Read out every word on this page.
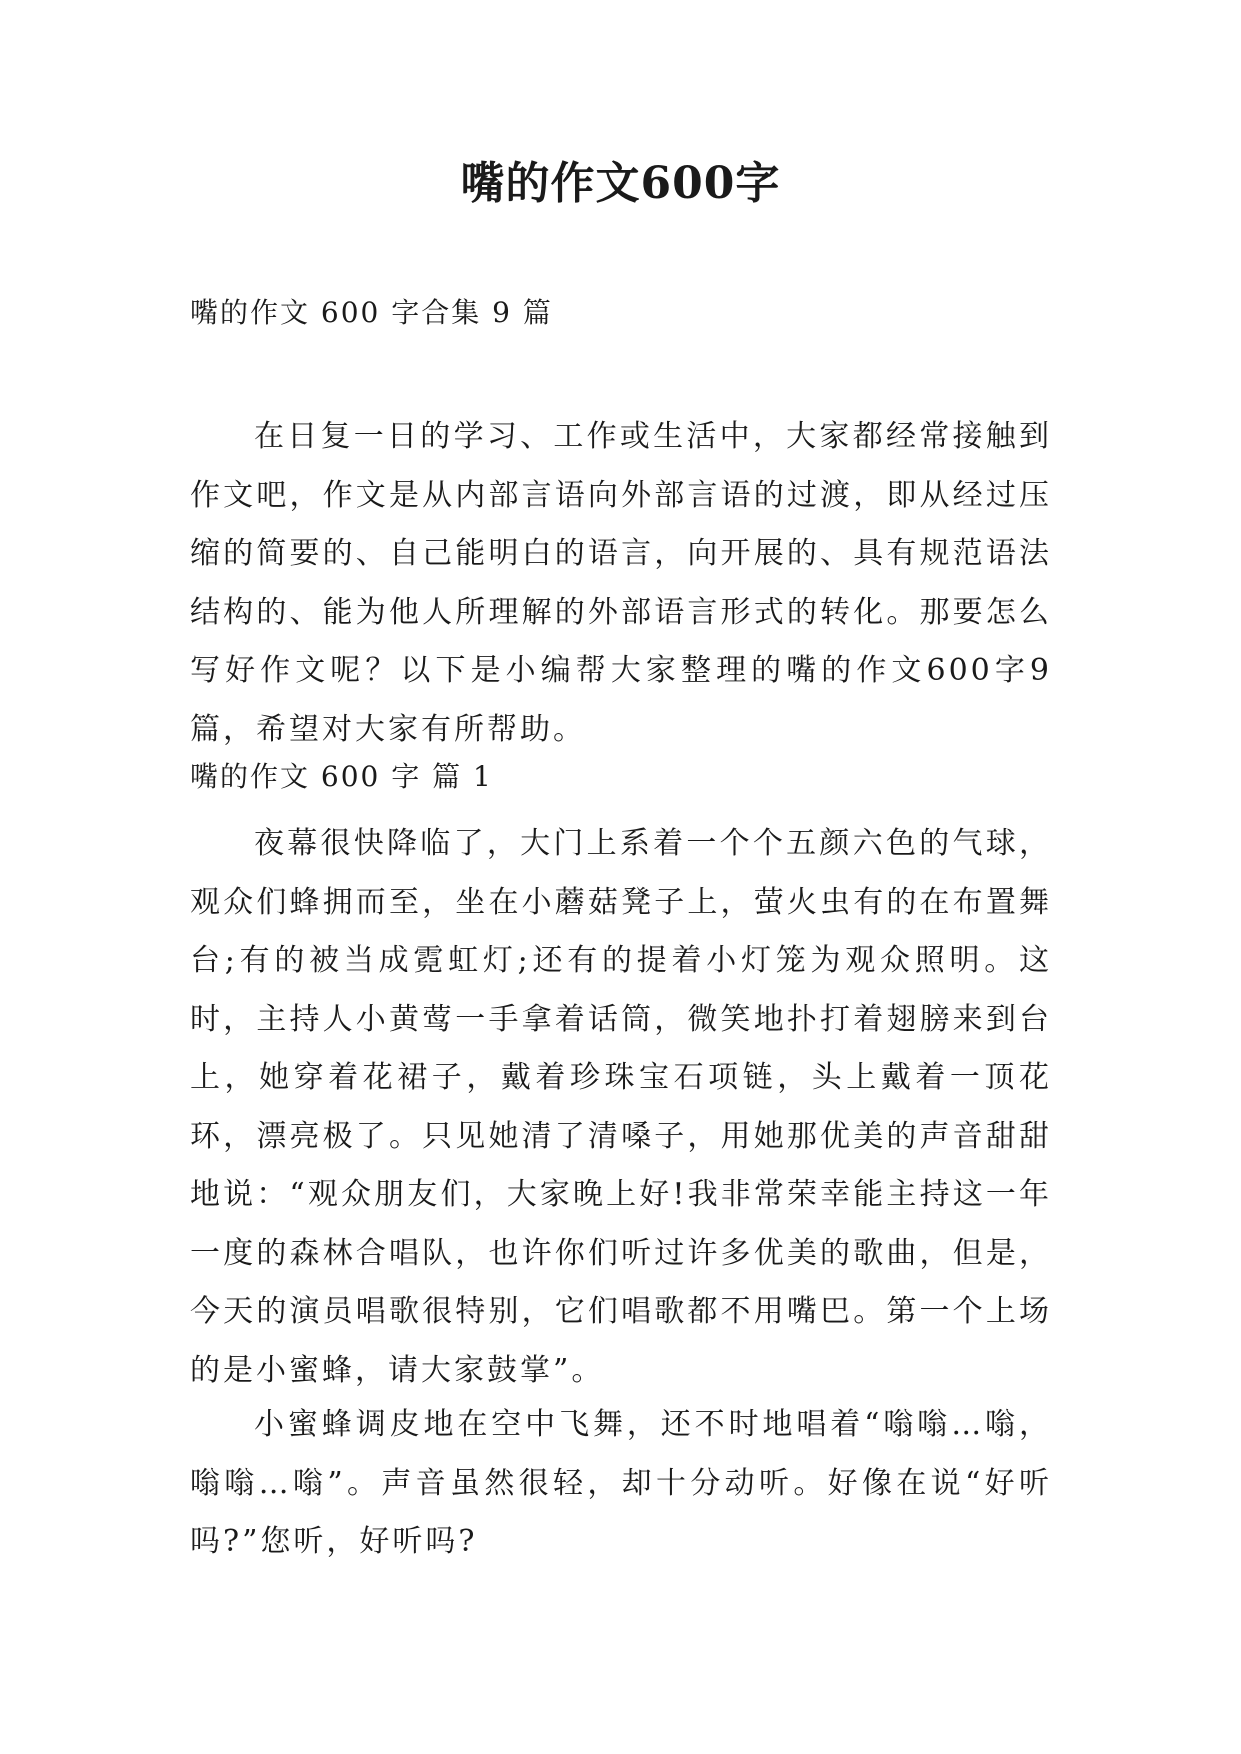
嘴的作文600字
嘴的作文 600 字合集 9 篇

在日复一日的学习、工作或生活中，大家都经常接触到作文吧，作文是从内部言语向外部言语的过渡，即从经过压缩的简要的、自己能明白的语言，向开展的、具有规范语法结构的、能为他人所理解的外部语言形式的转化。那要怎么写好作文呢？以下是小编帮大家整理的嘴的作文600字9篇，希望对大家有所帮助。

嘴的作文 600 字 篇 1

夜幕很快降临了，大门上系着一个个五颜六色的气球，观众们蜂拥而至，坐在小蘑菇凳子上，萤火虫有的在布置舞台;有的被当成霓虹灯;还有的提着小灯笼为观众照明。这时，主持人小黄莺一手拿着话筒，微笑地扑打着翅膀来到台上，她穿着花裙子，戴着珍珠宝石项链，头上戴着一顶花环，漂亮极了。只见她清了清嗓子，用她那优美的声音甜甜地说：“观众朋友们，大家晚上好!我非常荣幸能主持这一年一度的森林合唱队，也许你们听过许多优美的歌曲，但是，今天的演员唱歌很特别，它们唱歌都不用嘴巴。第一个上场的是小蜜蜂，请大家鼓掌”。

小蜜蜂调皮地在空中飞舞，还不时地唱着“嗡嗡…嗡，嗡嗡…嗡”。声音虽然很轻，却十分动听。好像在说“好听吗?”您听，好听吗?
